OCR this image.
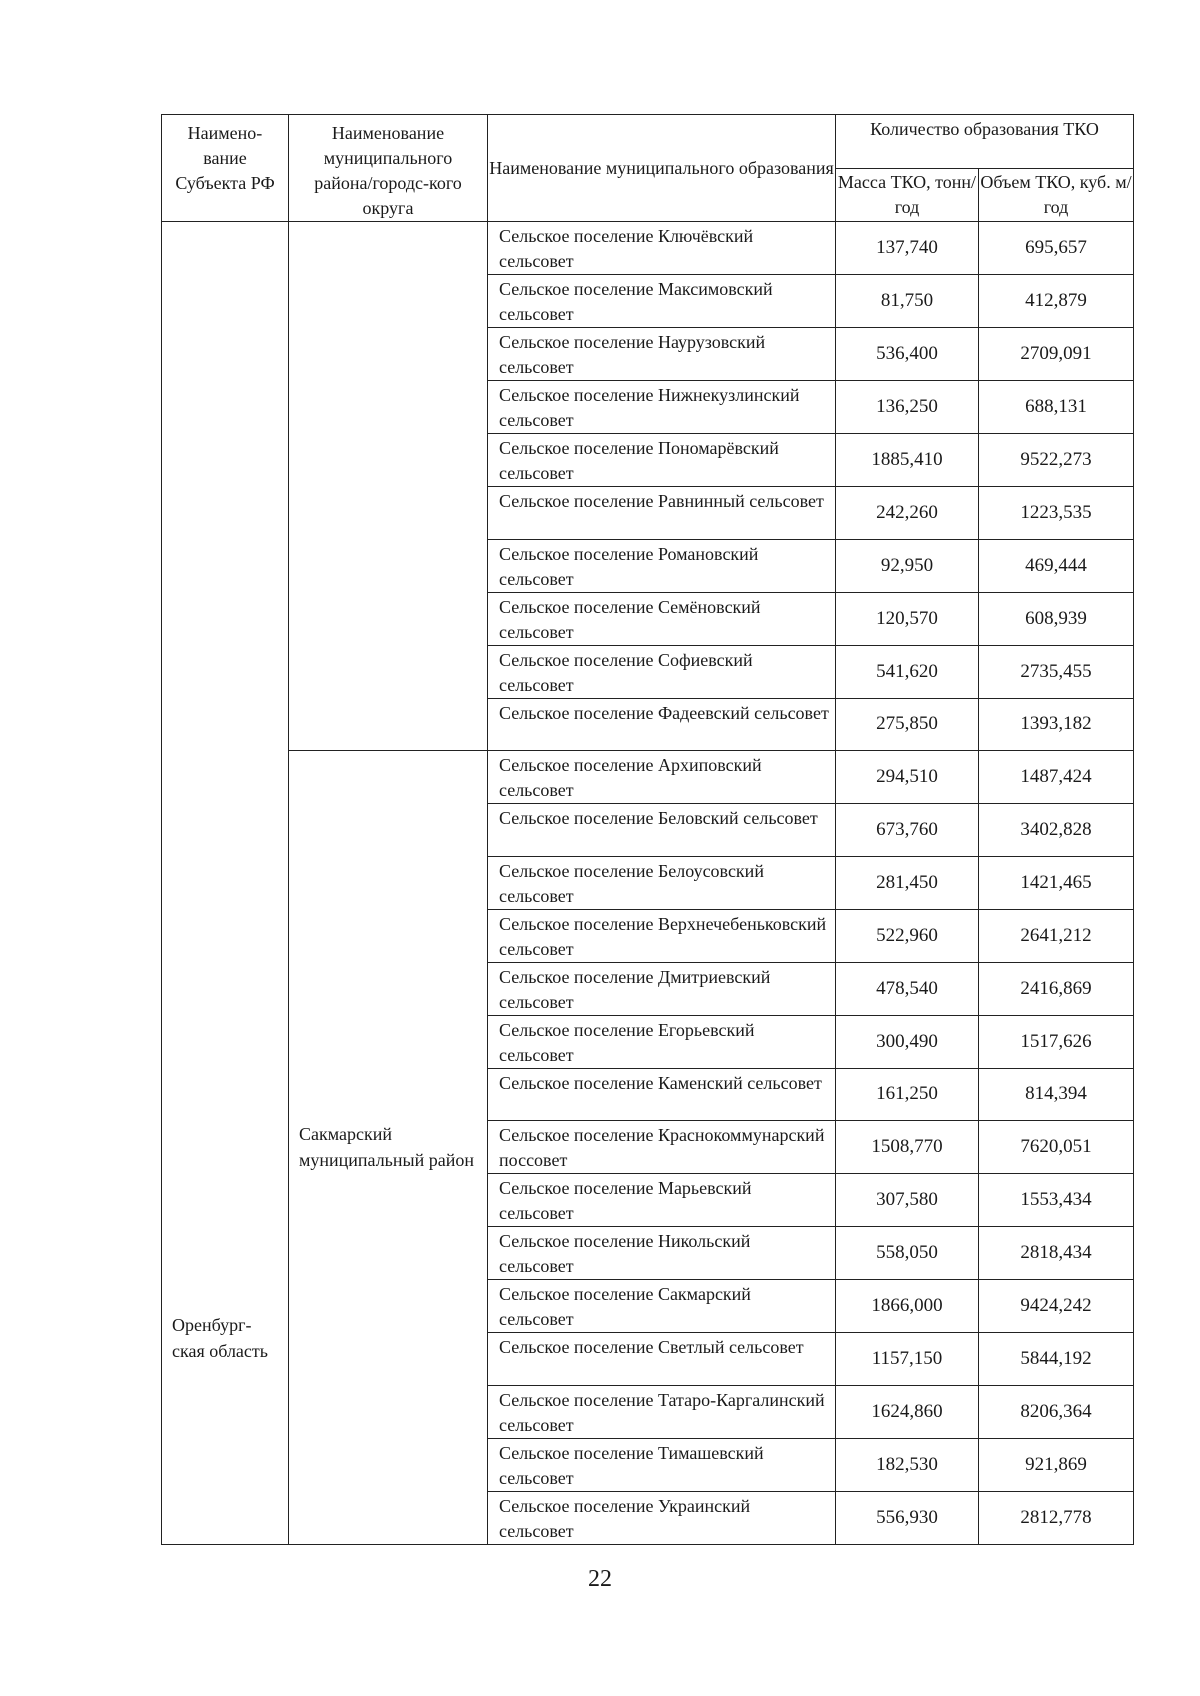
Наимено-вание Субъекта РФ	Наименование муниципального района/городс-кого округа	Наименование муниципального образования	Количество образования ТКО	
			Масса ТКО, тонн/год	Объем ТКО, куб. м/год
Оренбург-ская область		Сельское поселение Ключёвский сельсовет	137,740	695,657
		Сельское поселение Максимовский сельсовет	81,750	412,879
		Сельское поселение Наурузовский сельсовет	536,400	2709,091
		Сельское поселение Нижнекузлинский сельсовет	136,250	688,131
		Сельское поселение Пономарёвский сельсовет	1885,410	9522,273
		Сельское поселение Равнинный сельсовет	242,260	1223,535
		Сельское поселение Романовский сельсовет	92,950	469,444
		Сельское поселение Семёновский сельсовет	120,570	608,939
		Сельское поселение Софиевский сельсовет	541,620	2735,455
		Сельское поселение Фадеевский сельсовет	275,850	1393,182
	Сакмарский муниципальный район	Сельское поселение Архиповский сельсовет	294,510	1487,424
		Сельское поселение Беловский сельсовет	673,760	3402,828
		Сельское поселение Белоусовский сельсовет	281,450	1421,465
		Сельское поселение Верхнечебеньковский сельсовет	522,960	2641,212
		Сельское поселение Дмитриевский сельсовет	478,540	2416,869
		Сельское поселение Егорьевский сельсовет	300,490	1517,626
		Сельское поселение Каменский сельсовет	161,250	814,394
		Сельское поселение Краснокоммунарский поссовет	1508,770	7620,051
		Сельское поселение Марьевский сельсовет	307,580	1553,434
		Сельское поселение Никольский сельсовет	558,050	2818,434
		Сельское поселение Сакмарский сельсовет	1866,000	9424,242
		Сельское поселение Светлый сельсовет	1157,150	5844,192
		Сельское поселение Татаро-Каргалинский сельсовет	1624,860	8206,364
		Сельское поселение Тимашевский сельсовет	182,530	921,869
		Сельское поселение Украинский сельсовет	556,930	2812,778
22
